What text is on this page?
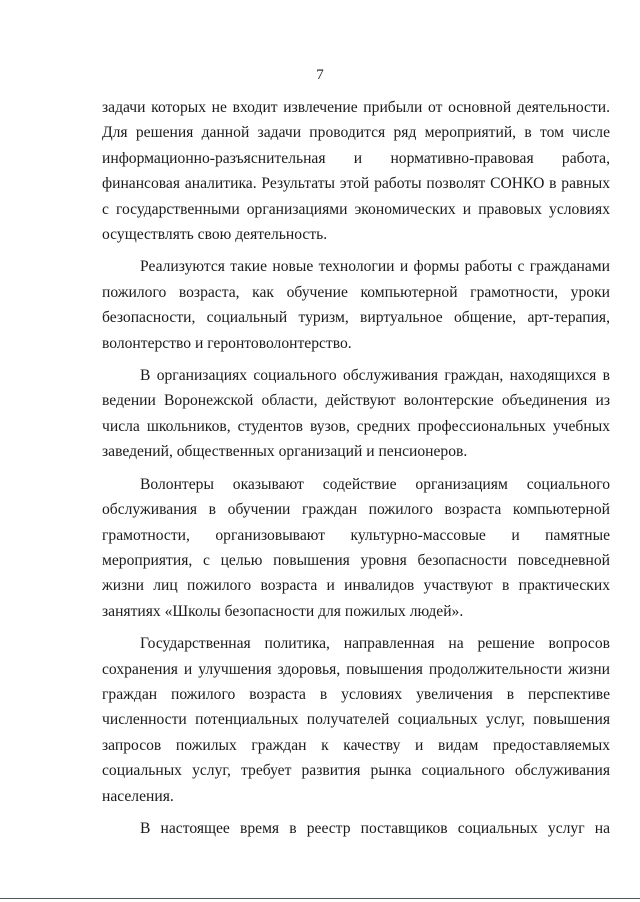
7

задачи которых не входит извлечение прибыли от основной деятельности. Для решения данной задачи проводится ряд мероприятий, в том числе информационно-разъяснительная и нормативно-правовая работа, финансовая аналитика. Результаты этой работы позволят СОНКО в равных с государственными организациями экономических и правовых условиях осуществлять свою деятельность.

Реализуются такие новые технологии и формы работы с гражданами пожилого возраста, как обучение компьютерной грамотности, уроки безопасности, социальный туризм, виртуальное общение, арт-терапия, волонтерство и геронтоволонтерство.

В организациях социального обслуживания граждан, находящихся в ведении Воронежской области, действуют волонтерские объединения из числа школьников, студентов вузов, средних профессиональных учебных заведений, общественных организаций и пенсионеров.

Волонтеры оказывают содействие организациям социального обслуживания в обучении граждан пожилого возраста компьютерной грамотности, организовывают культурно-массовые и памятные мероприятия, с целью повышения уровня безопасности повседневной жизни лиц пожилого возраста и инвалидов участвуют в практических занятиях «Школы безопасности для пожилых людей».

Государственная политика, направленная на решение вопросов сохранения и улучшения здоровья, повышения продолжительности жизни граждан пожилого возраста в условиях увеличения в перспективе численности потенциальных получателей социальных услуг, повышения запросов пожилых граждан к качеству и видам предоставляемых социальных услуг, требует развития рынка социального обслуживания населения.

В настоящее время в реестр поставщиков социальных услуг на
